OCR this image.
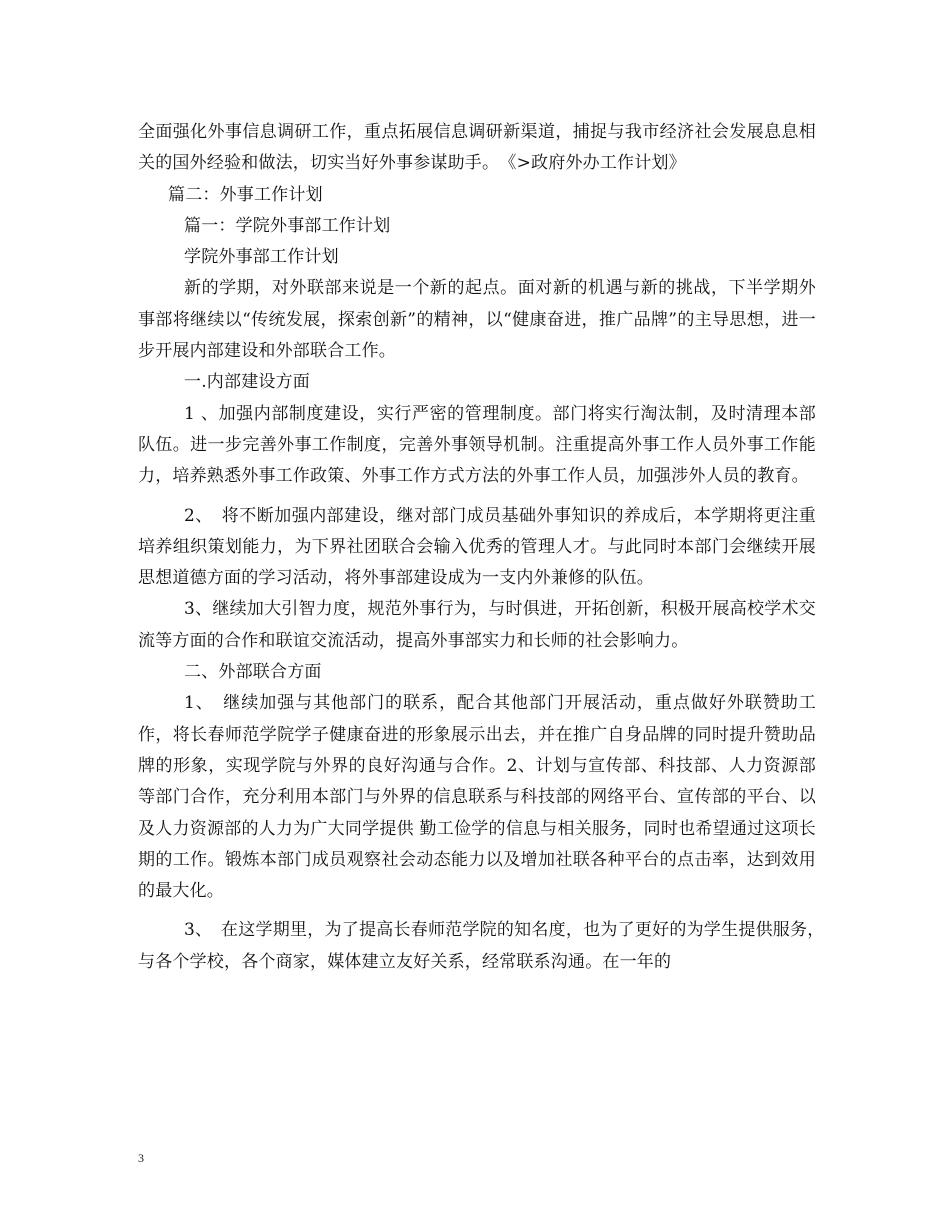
全面强化外事信息调研工作，重点拓展信息调研新渠道，捕捉与我市经济社会发展息息相关的国外经验和做法，切实当好外事参谋助手。　《>政府外办工作计划》

篇二：外事工作计划

篇一：学院外事部工作计划

学院外事部工作计划

新的学期，对外联部来说是一个新的起点。面对新的机遇与新的挑战，下半学期外事部将继续以“传统发展，探索创新”的精神，以“健康奋进，推广品牌”的主导思想，进一步开展内部建设和外部联合工作。

一.内部建设方面

1 、加强内部制度建设，实行严密的管理制度。部门将实行淘汰制，及时清理本部队伍。进一步完善外事工作制度，完善外事领导机制。注重提高外事工作人员外事工作能力，培养熟悉外事工作政策、外事工作方式方法的外事工作人员，加强涉外人员的教育。

2、　将不断加强内部建设，继对部门成员基础外事知识的养成后，本学期将更注重培养组织策划能力，为下界社团联合会输入优秀的管理人才。与此同时本部门会继续开展思想道德方面的学习活动，将外事部建设成为一支内外兼修的队伍。

3、继续加大引智力度，规范外事行为，与时俱进，开拓创新，积极开展高校学术交流等方面的合作和联谊交流活动，提高外事部实力和长师的社会影响力。

二、外部联合方面

1、　继续加强与其他部门的联系，配合其他部门开展活动，重点做好外联赞助工作，将长春师范学院学子健康奋进的形象展示出去，并在推广自身品牌的同时提升赞助品牌的形象，实现学院与外界的良好沟通与合作。2、计划与宣传部、科技部、人力资源部等部门合作，充分利用本部门与外界的信息联系与科技部的网络平台、宣传部的平台、以及人力资源部的人力为广大同学提供 勤工俭学的信息与相关服务，同时也希望通过这项长期的工作。锻炼本部门成员观察社会动态能力以及增加社联各种平台的点击率，达到效用的最大化。

3、　在这学期里，为了提高长春师范学院的知名度，也为了更好的为学生提供服务，　与各个学校，各个商家，媒体建立友好关系，经常联系沟通。在一年的

3
